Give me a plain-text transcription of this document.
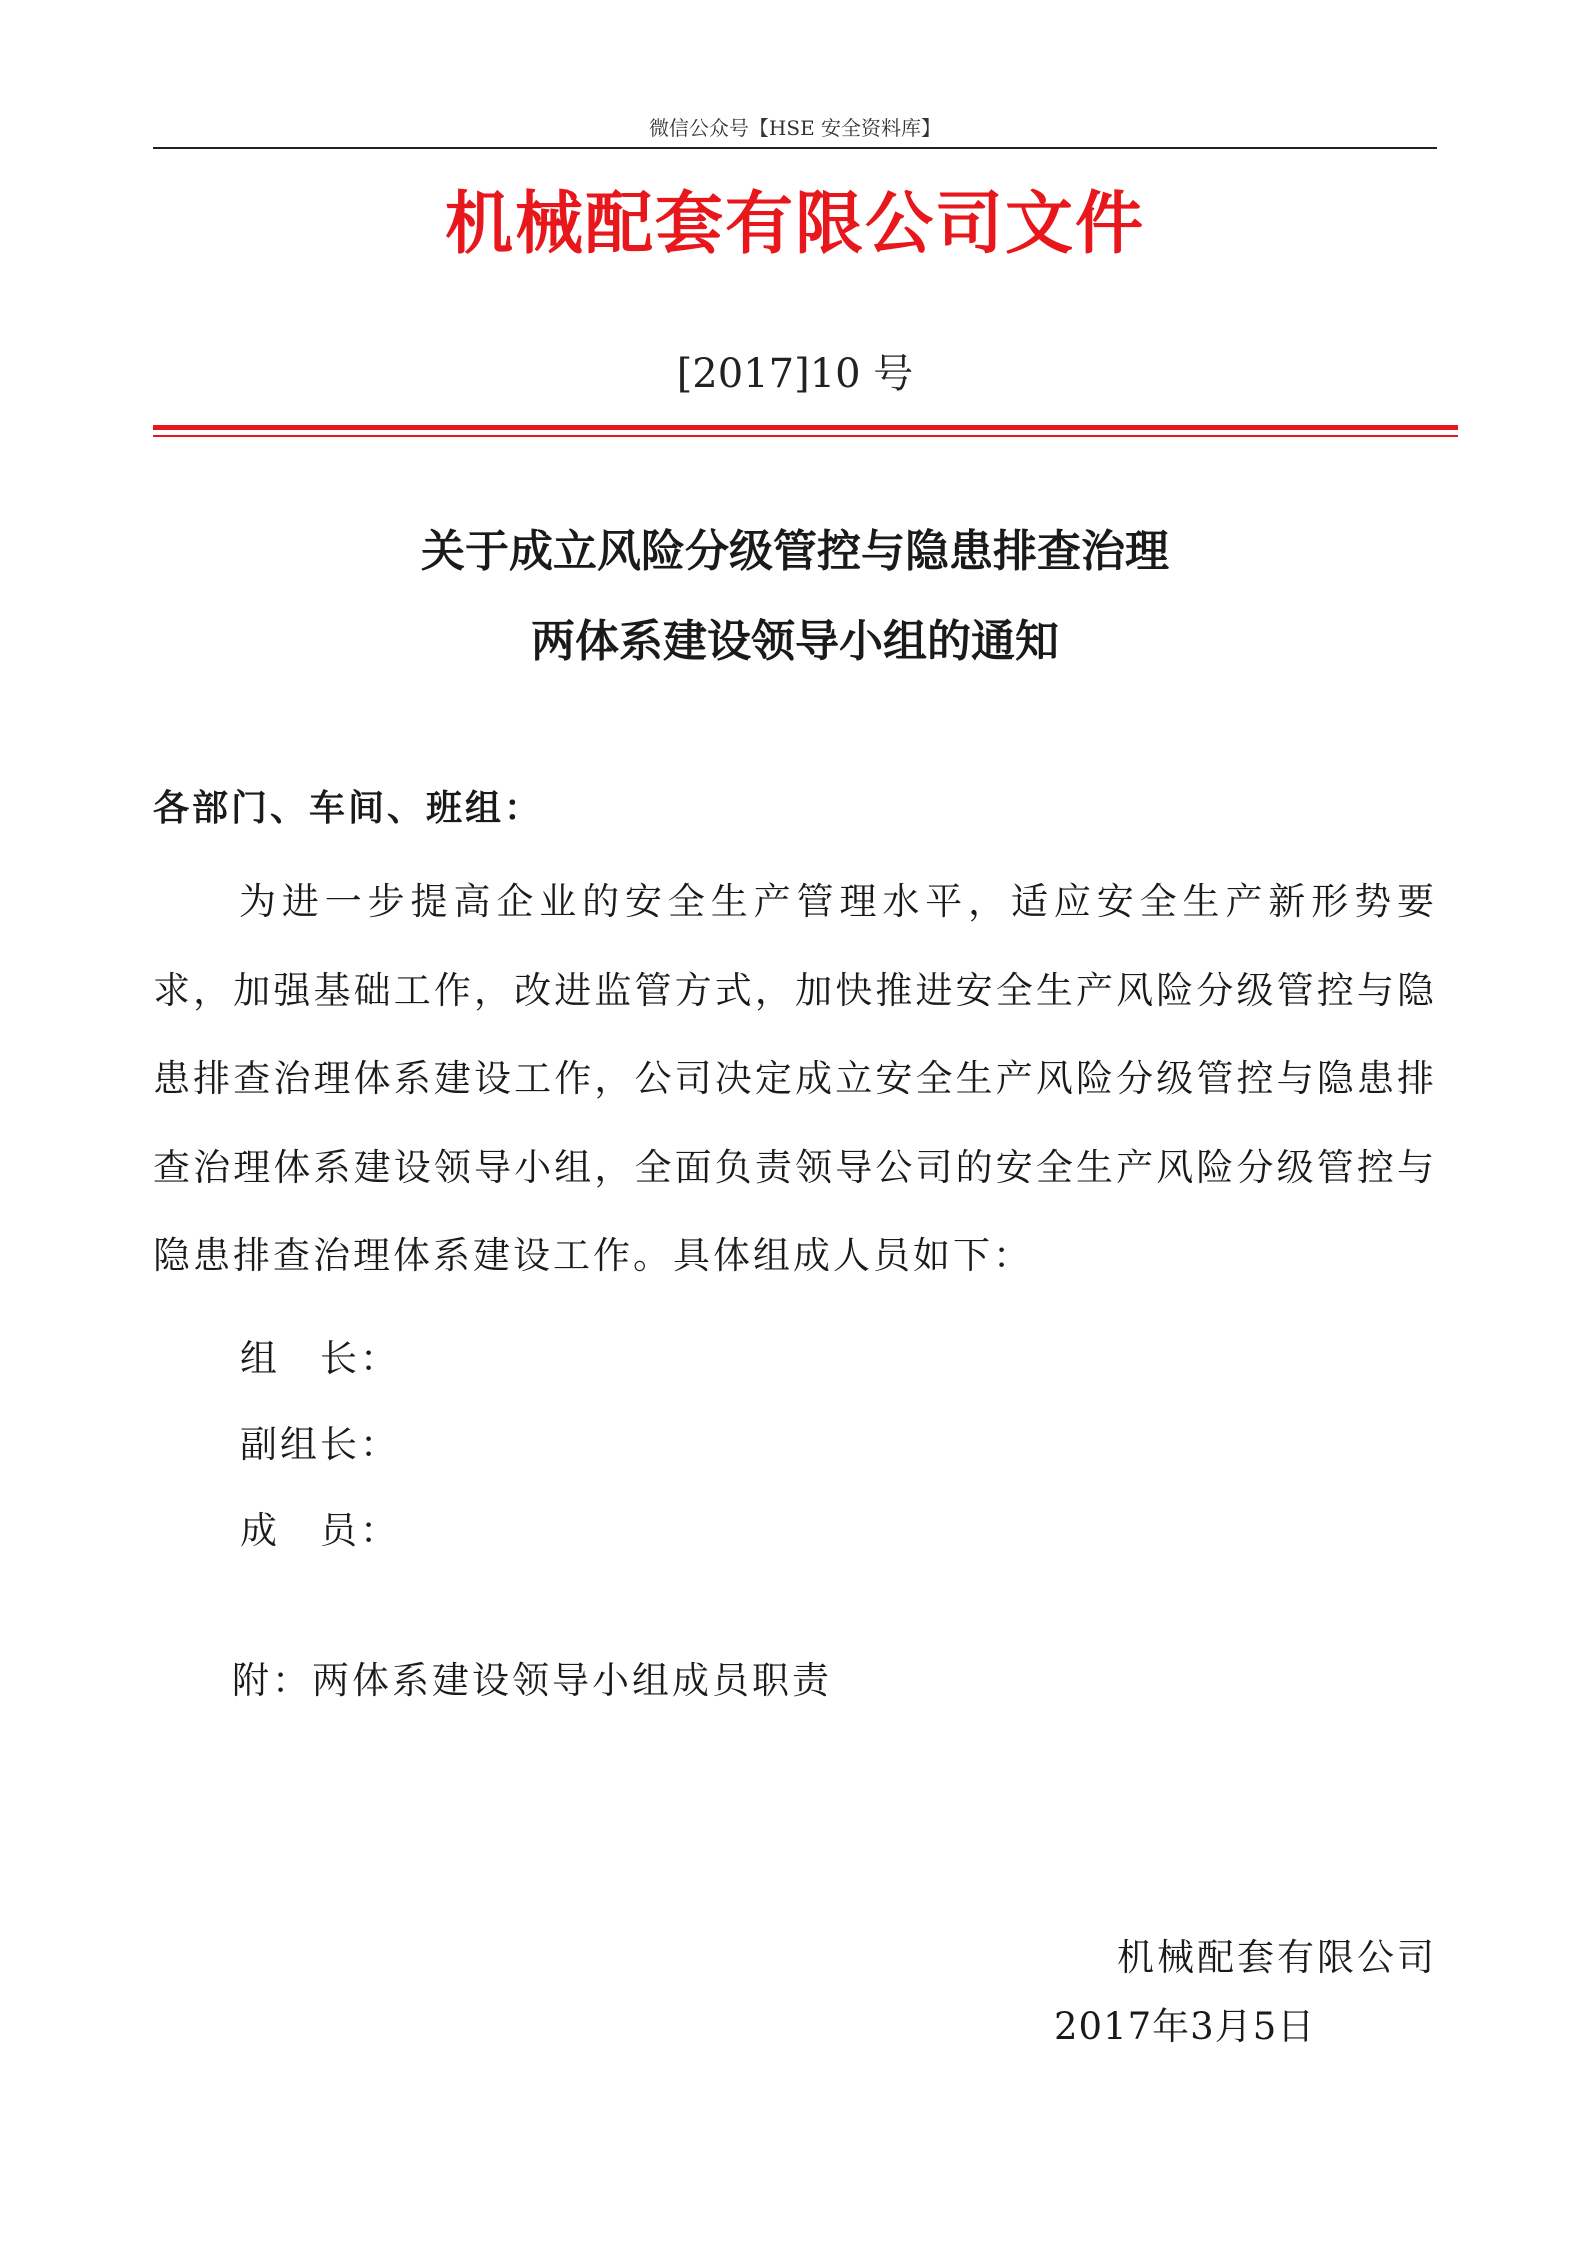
微信公众号【HSE 安全资料库】
机械配套有限公司文件
[2017]10 号
关于成立风险分级管控与隐患排查治理
两体系建设领导小组的通知
各部门、车间、班组：
为进一步提高企业的安全生产管理水平，适应安全生产新形势要求，加强基础工作，改进监管方式，加快推进安全生产风险分级管控与隐患排查治理体系建设工作，公司决定成立安全生产风险分级管控与隐患排查治理体系建设领导小组，全面负责领导公司的安全生产风险分级管控与隐患排查治理体系建设工作。具体组成人员如下：
组　长：
副组长：
成　员：
附：两体系建设领导小组成员职责
机械配套有限公司
2017年3月5日
